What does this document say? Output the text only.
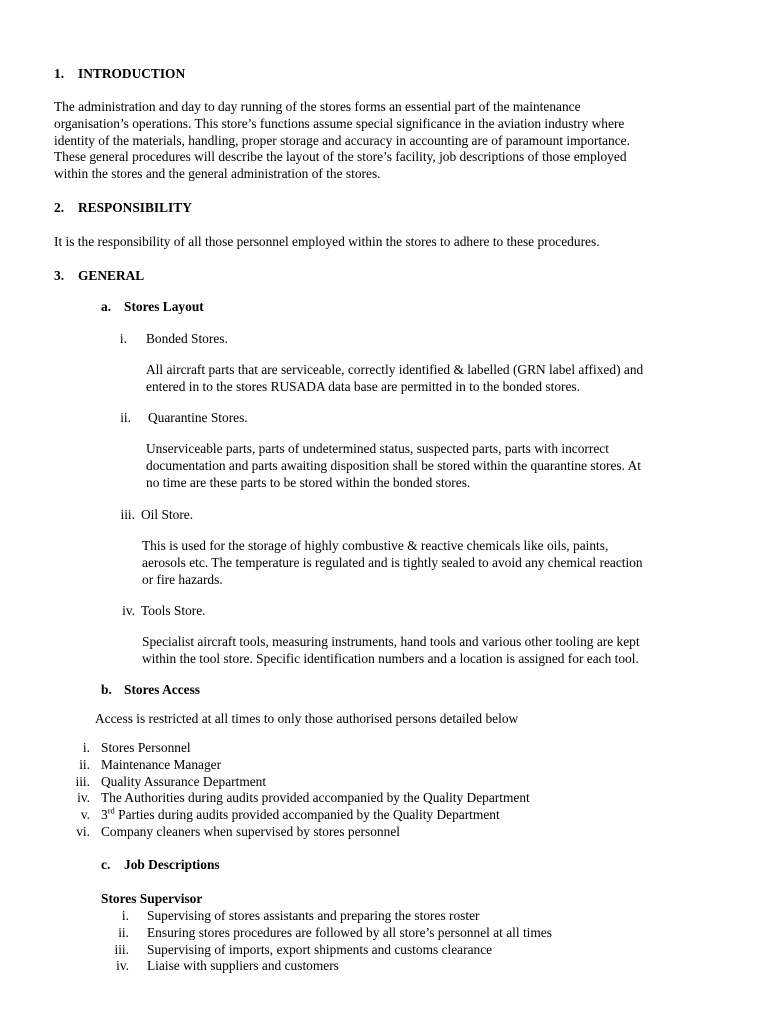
1. INTRODUCTION
The administration and day to day running of the stores forms an essential part of the maintenance
organisation’s operations. This store’s functions assume special significance in the aviation industry where
identity of the materials, handling, proper storage and accuracy in accounting are of paramount importance.
These general procedures will describe the layout of the store’s facility, job descriptions of those employed
within the stores and the general administration of the stores.
2. RESPONSIBILITY
It is the responsibility of all those personnel employed within the stores to adhere to these procedures.
3. GENERAL
a. Stores Layout
i. Bonded Stores.
All aircraft parts that are serviceable, correctly identified & labelled (GRN label affixed) and
entered in to the stores RUSADA data base are permitted in to the bonded stores.
ii. Quarantine Stores.
Unserviceable parts, parts of undetermined status, suspected parts, parts with incorrect
documentation and parts awaiting disposition shall be stored within the quarantine stores. At
no time are these parts to be stored within the bonded stores.
iii. Oil Store.
This is used for the storage of highly combustive & reactive chemicals like oils, paints,
aerosols etc. The temperature is regulated and is tightly sealed to avoid any chemical reaction
or fire hazards.
iv. Tools Store.
Specialist aircraft tools, measuring instruments, hand tools and various other tooling are kept
within the tool store. Specific identification numbers and a location is assigned for each tool.
b. Stores Access
Access is restricted at all times to only those authorised persons detailed below
i. Stores Personnel
ii. Maintenance Manager
iii. Quality Assurance Department
iv. The Authorities during audits provided accompanied by the Quality Department
v. 3rd Parties during audits provided accompanied by the Quality Department
vi. Company cleaners when supervised by stores personnel
c. Job Descriptions
Stores Supervisor
i. Supervising of stores assistants and preparing the stores roster
ii. Ensuring stores procedures are followed by all store’s personnel at all times
iii. Supervising of imports, export shipments and customs clearance
iv. Liaise with suppliers and customers
